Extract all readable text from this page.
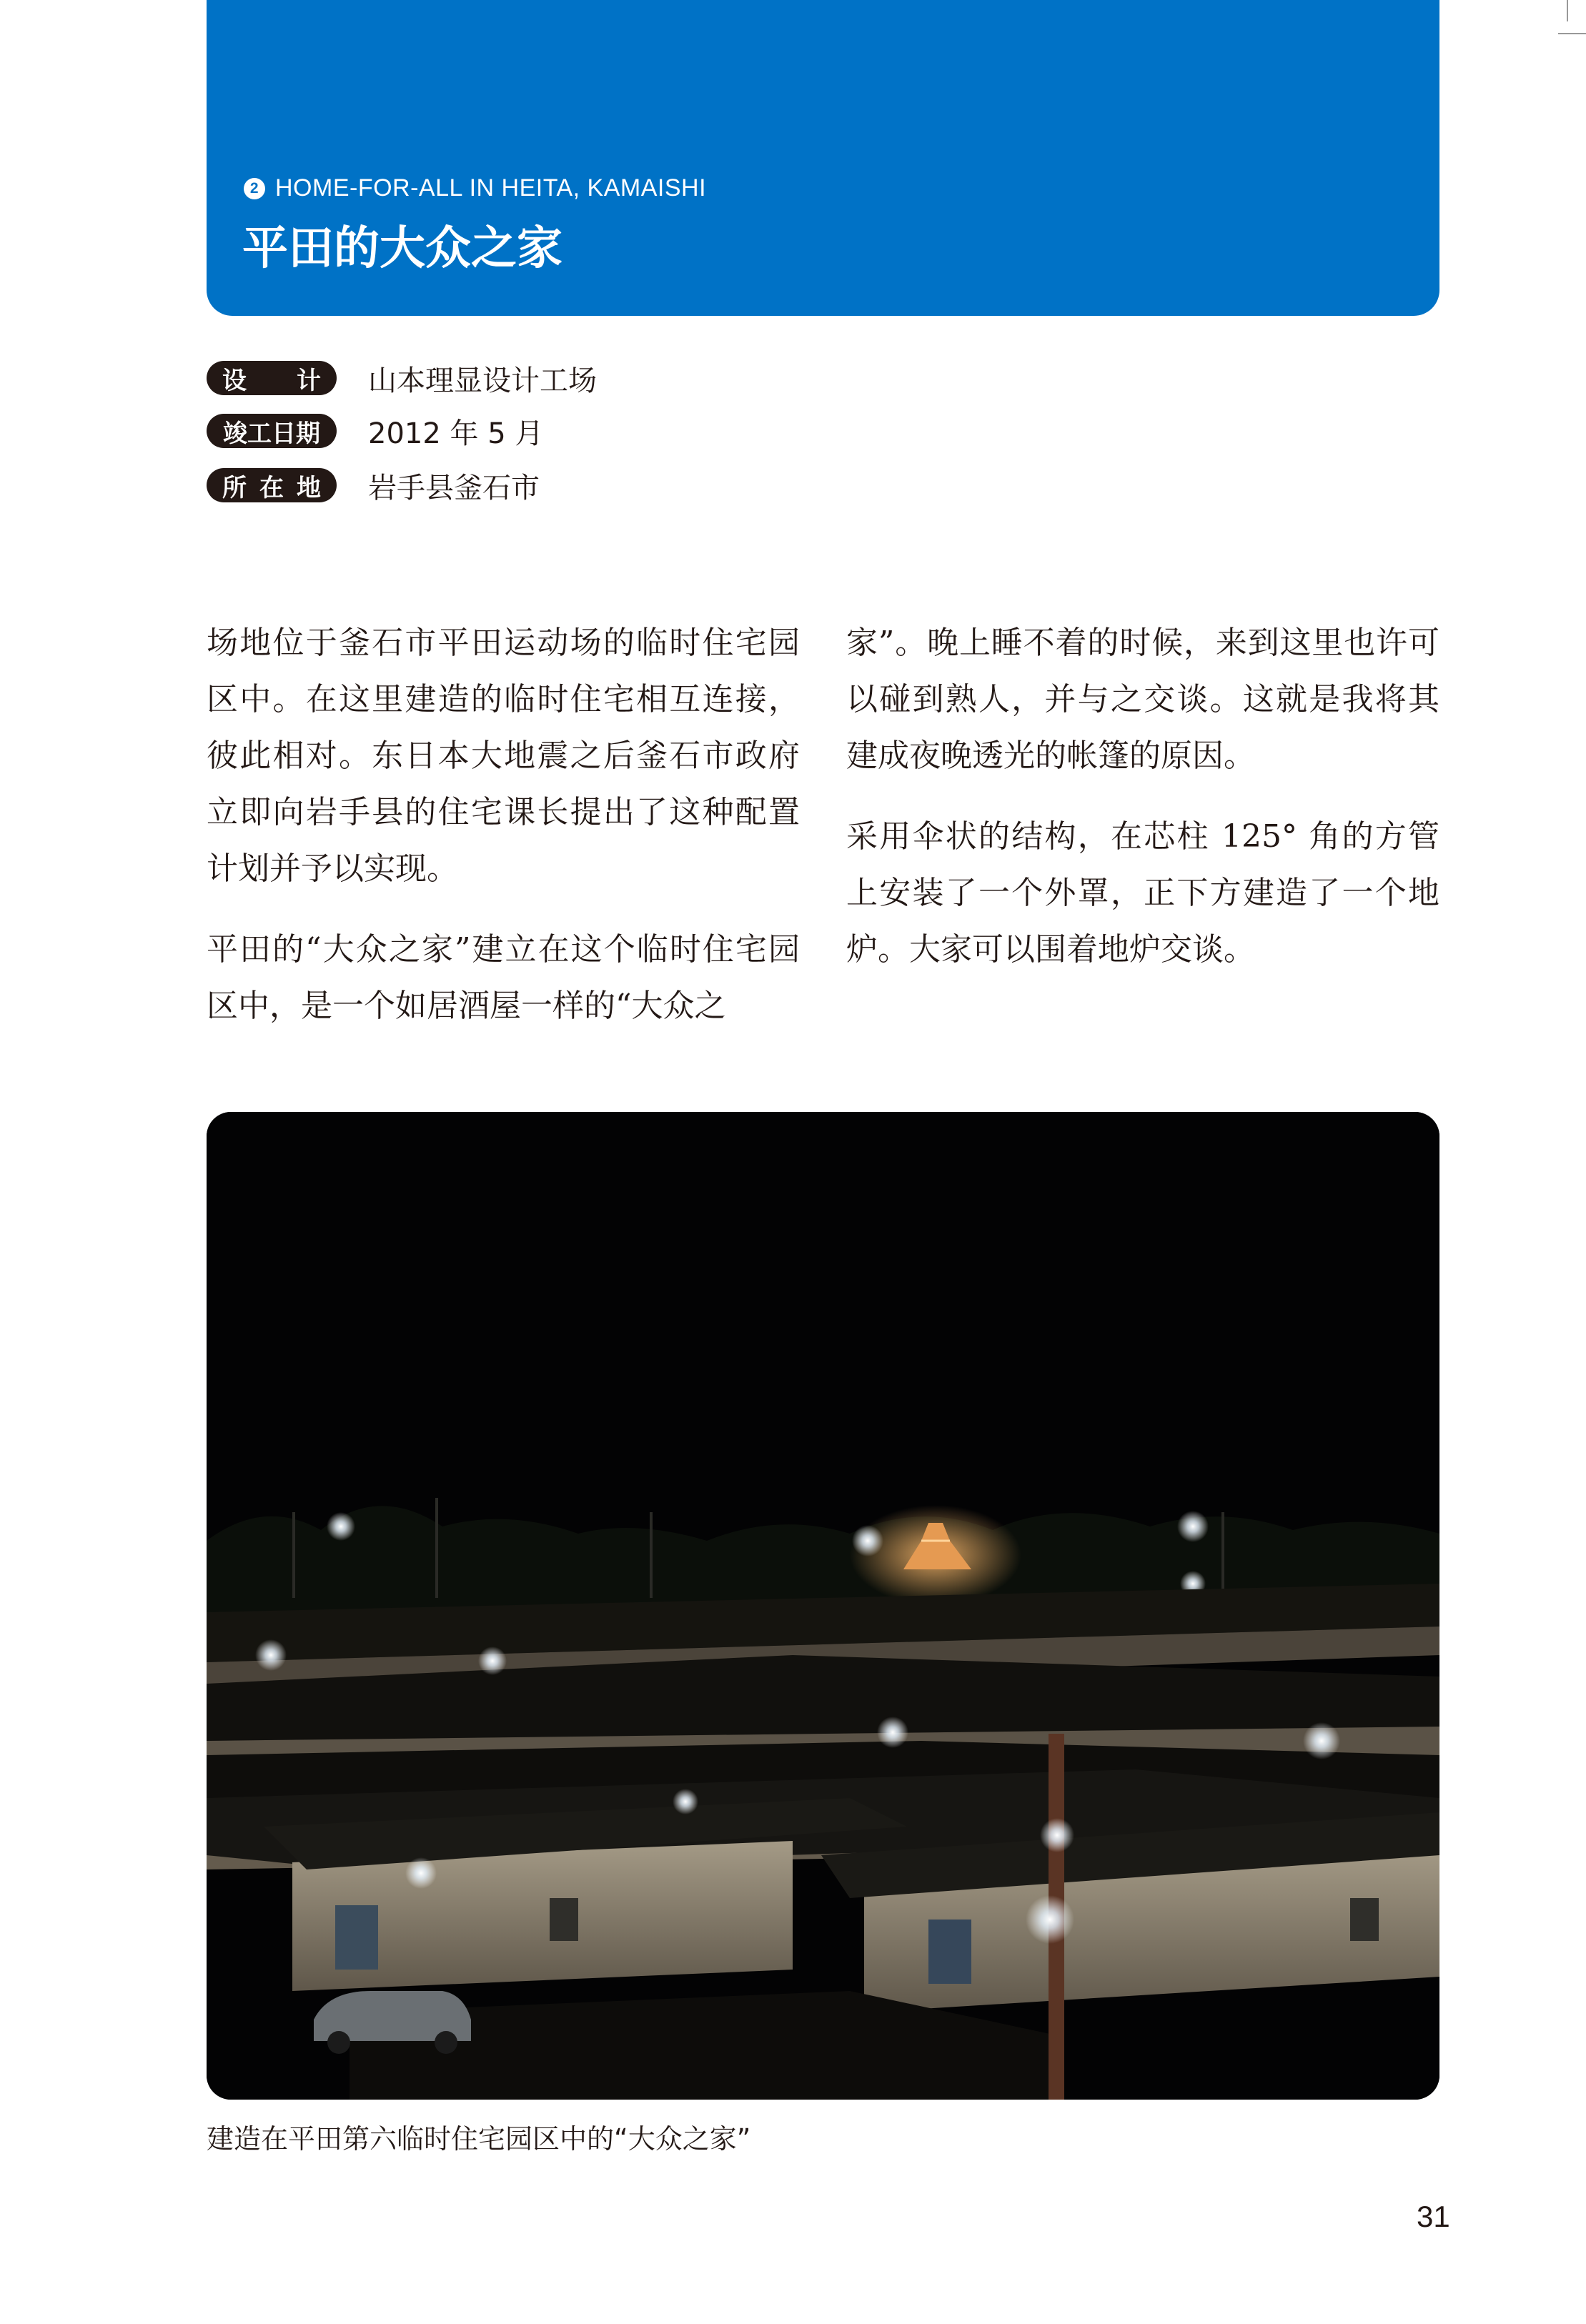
2 HOME-FOR-ALL IN HEITA, KAMAISHI
平田的大众之家
设 计 山本理显设计工场
竣工日期	2012 年 5 月
所 在 地 岩手县釜石市

场地位于釜石市平田运动场的临时住宅园区中。在这里建造的临时住宅相互连接，彼此相对。东日本大地震之后釜石市政府立即向岩手县的住宅课长提出了这种配置计划并予以实现。

平田的“大众之家”建立在这个临时住宅园区中，是一个如居酒屋一样的“大众之

家”。晚上睡不着的时候，来到这里也许可以碰到熟人，并与之交谈。这就是我将其建成夜晚透光的帐篷的原因。

采用伞状的结构，在芯柱 125° 角的方管上安装了一个外罩，正下方建造了一个地炉。大家可以围着地炉交谈。

建造在平田第六临时住宅园区中的“大众之家”
31
